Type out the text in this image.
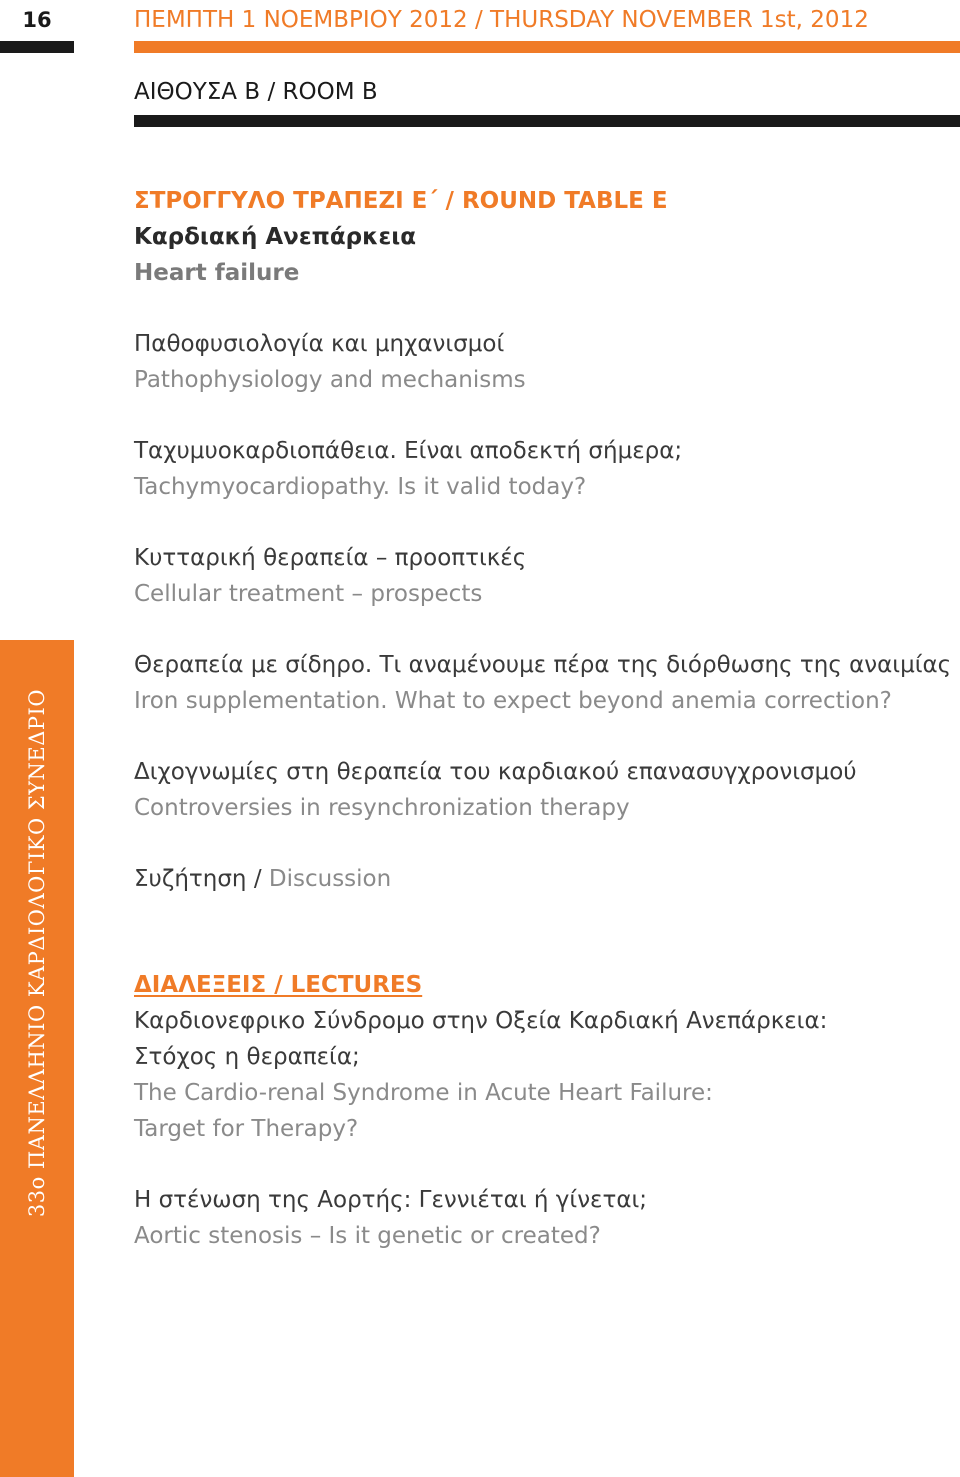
16	ΠΕΜΠΤΗ 1 ΝΟΕΜΒΡΙΟΥ 2012 / THURSDAY NOVEMBER 1st, 2012
ΑΙΘΟΥΣΑ Β / ROOM B
33ο ΠΑΝΕΛΛΗΝΙΟ ΚΑΡΔΙΟΛΟΓΙΚΟ ΣΥΝΕΔΡΙΟ
ΣΤΡΟΓΓΥΛΟ ΤΡΑΠΕΖΙ Ε΄ / ROUND TABLE E
Καρδιακή Ανεπάρκεια
Heart failure
Παθοφυσιολογία και μηχανισμοί
Pathophysiology and mechanisms
Ταχυμυοκαρδιοπάθεια. Είναι αποδεκτή σήμερα;
Tachymyocardiopathy. Is it valid today?
Κυτταρική θεραπεία – προοπτικές
Cellular treatment – prospects
Θεραπεία με σίδηρο. Τι αναμένουμε πέρα της διόρθωσης της αναιμίας
Iron supplementation. What to expect beyond anemia correction?
Διχογνωμίες στη θεραπεία του καρδιακού επανασυγχρονισμού
Controversies in resynchronization therapy
Συζήτηση / Discussion
ΔΙΑΛΕΞΕΙΣ / LECTURES
Καρδιονεφρικο Σύνδρομο στην Οξεία Καρδιακή Ανεπάρκεια:
Στόχος η θεραπεία;
The Cardio-renal Syndrome in Acute Heart Failure:
Target for Therapy?
Η στένωση της Αορτής: Γεννιέται ή γίνεται;
Aortic stenosis – Is it genetic or created?
